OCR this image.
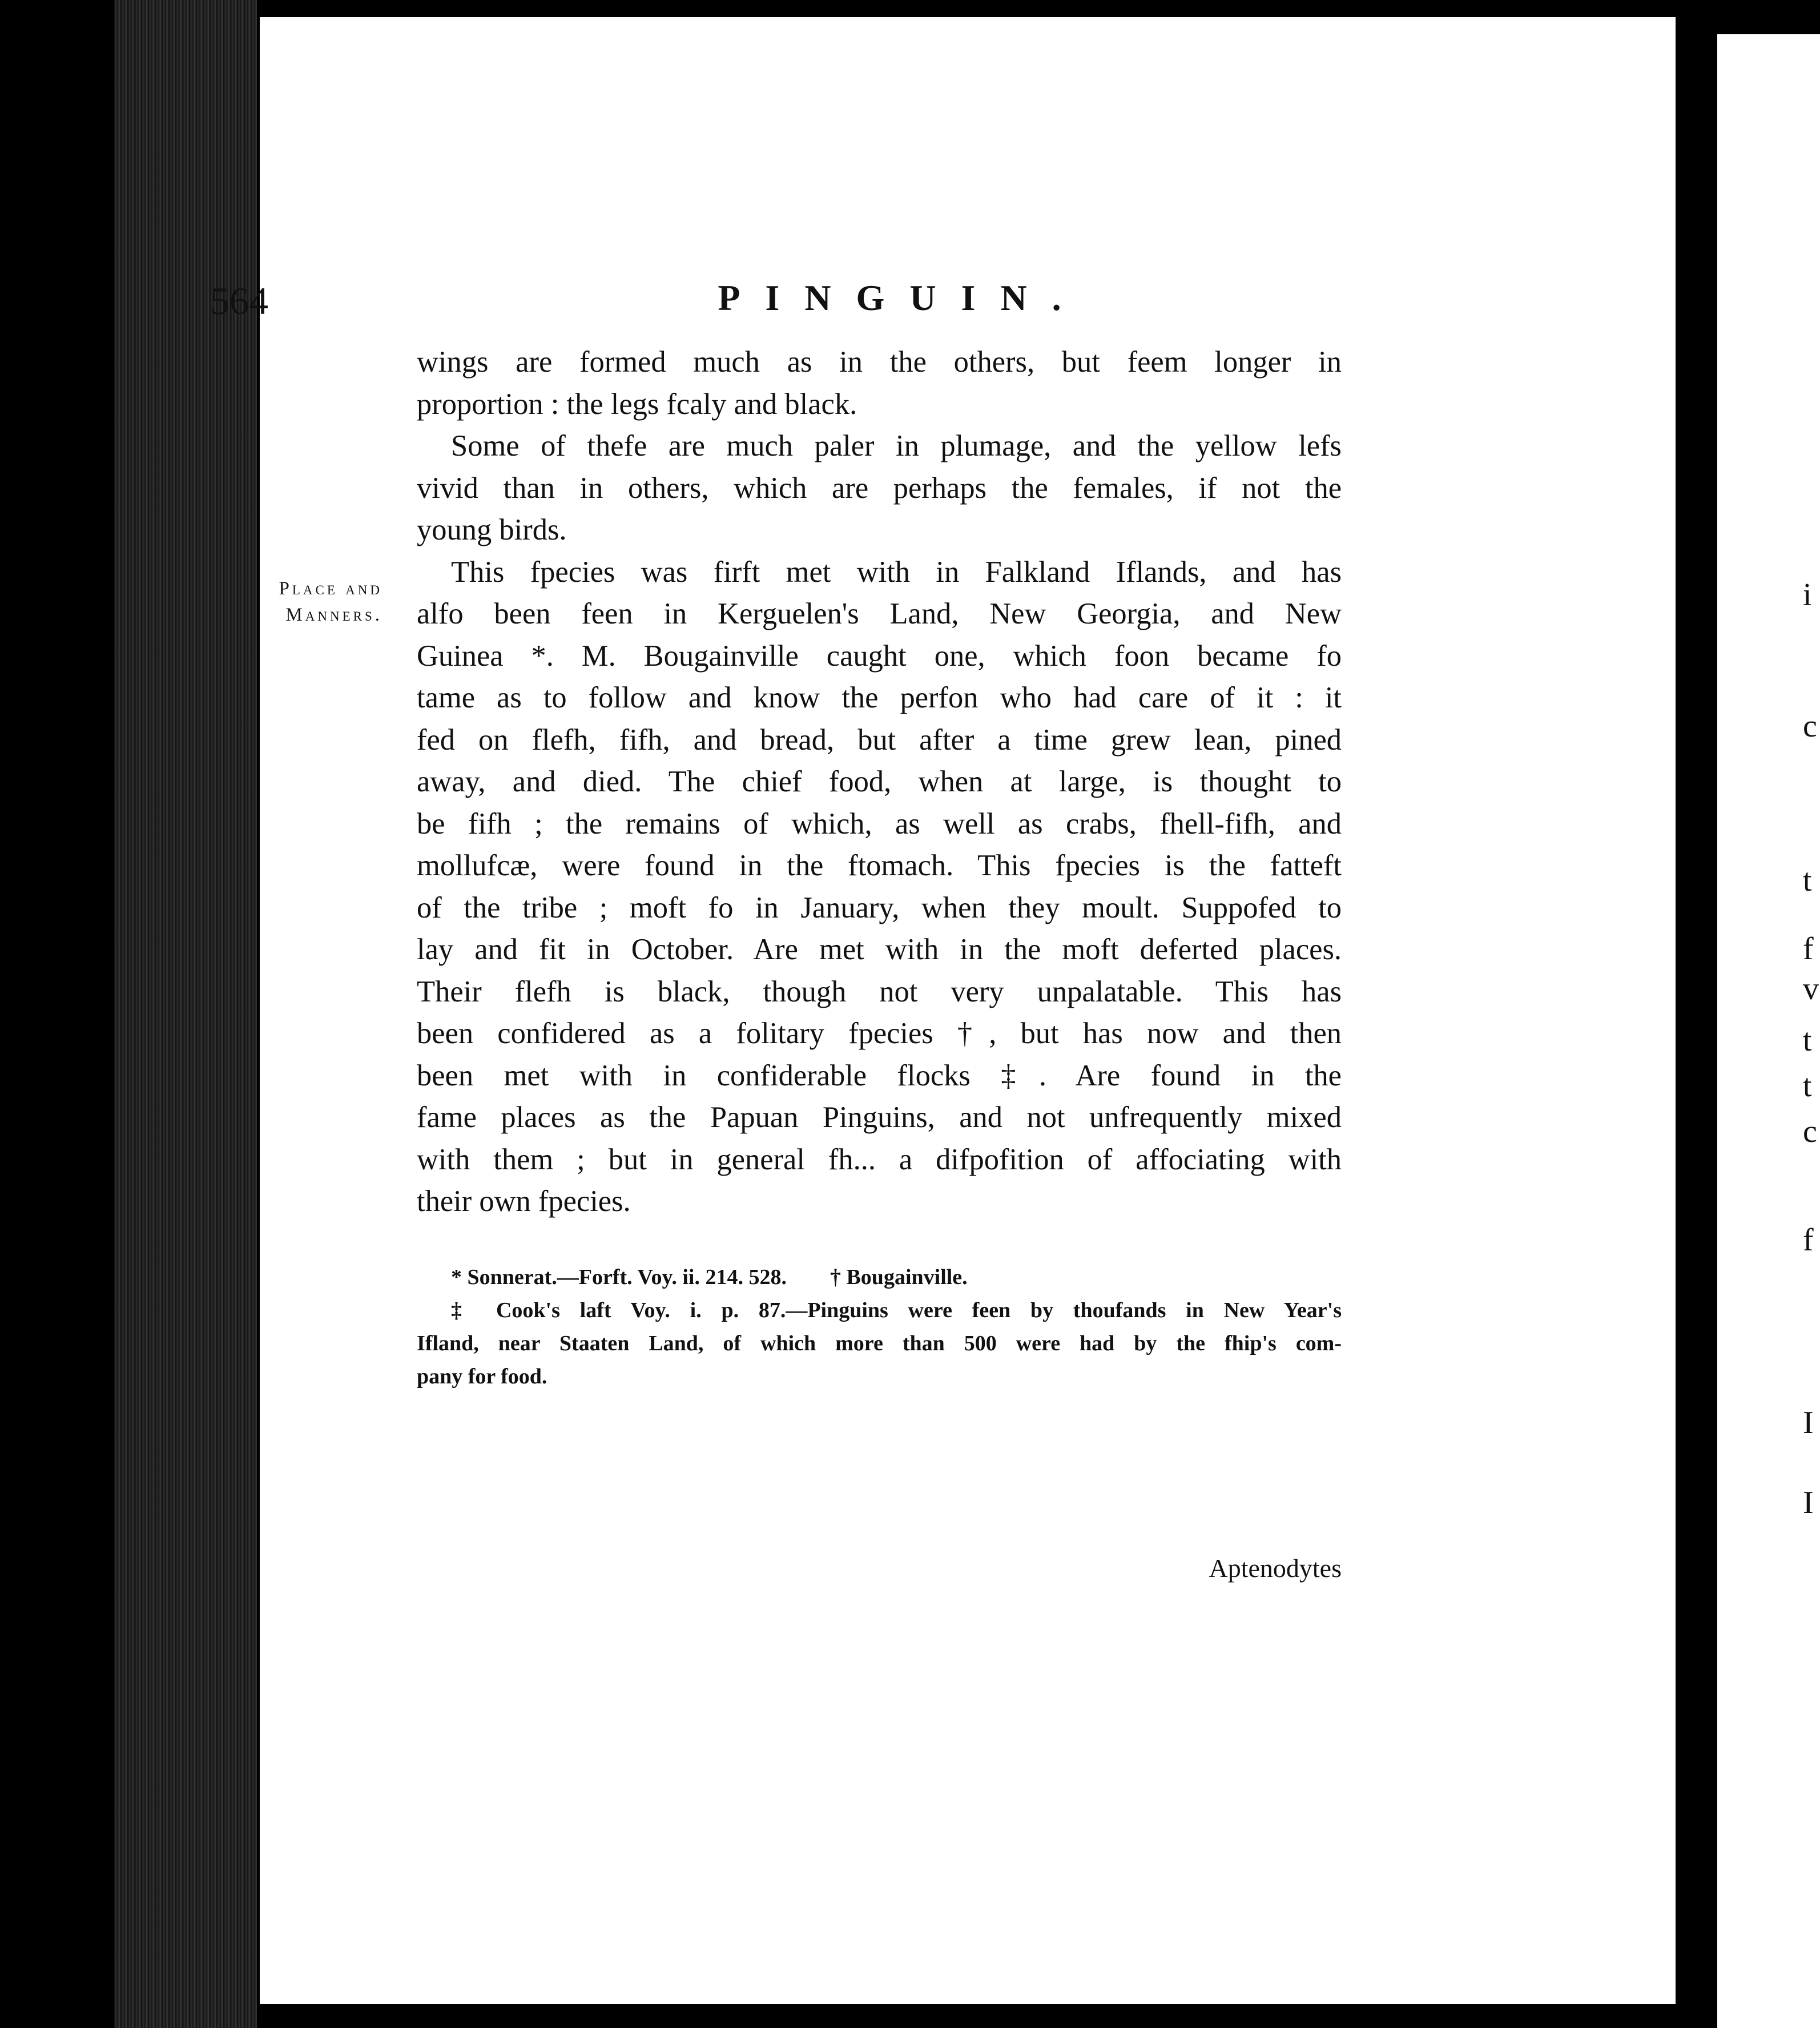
i
c
t
f
v
t
t
c
f
I
I
564	PINGUIN.
Place and
Manners.
wings are formed much as in the others, but feem longer in
proportion : the legs fcaly and black.
Some of thefe are much paler in plumage, and the yellow lefs
vivid than in others, which are perhaps the females, if not the
young birds.
This fpecies was firft met with in Falkland Iflands, and has
alfo been feen in Kerguelen's Land, New Georgia, and New
Guinea *. M. Bougainville caught one, which foon became fo
tame as to follow and know the perfon who had care of it : it
fed on flefh, fifh, and bread, but after a time grew lean, pined
away, and died. The chief food, when at large, is thought to
be fifh ; the remains of which, as well as crabs, fhell-fifh, and
mollufcæ, were found in the ftomach. This fpecies is the fatteft
of the tribe ; moft fo in January, when they moult. Suppofed to
lay and fit in October. Are met with in the moft deferted places.
Their flefh is black, though not very unpalatable. This has
been confidered as a folitary fpecies †, but has now and then
been met with in confiderable flocks ‡. Are found in the
fame places as the Papuan Pinguins, and not unfrequently mixed
with them ; but in general fh... a difpofition of affociating with
their own fpecies.
* Sonnerat.—Forft. Voy. ii. 214. 528.        † Bougainville.
‡ Cook's laft Voy. i. p. 87.—Pinguins were feen by thoufands in New Year's
Ifland, near Staaten Land, of which more than 500 were had by the fhip's com-
pany for food.
Aptenodytes
